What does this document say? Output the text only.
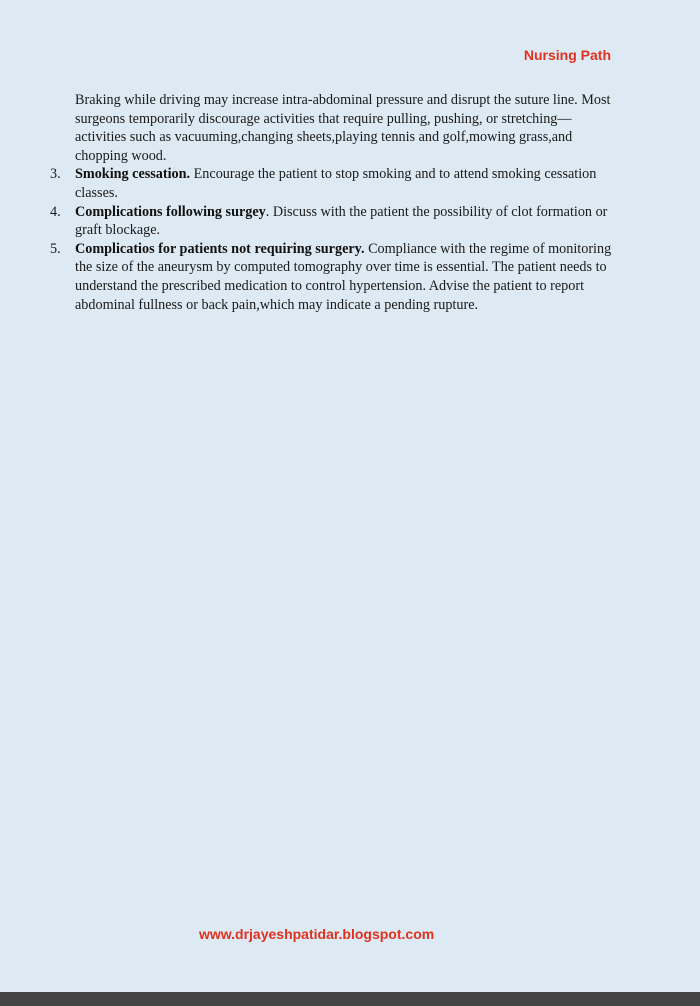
Nursing Path

Braking while driving may increase intra-abdominal pressure and disrupt the suture line. Most surgeons temporarily discourage activities that require pulling, pushing, or stretching—activities such as vacuuming,changing sheets,playing tennis and golf,mowing grass,and chopping wood.

3.	Smoking cessation. Encourage the patient to stop smoking and to attend smoking cessation classes.
4.	Complications following surgey. Discuss with the patient the possibility of clot formation or graft blockage.
5.	Complicatios for patients not requiring surgery. Compliance with the regime of monitoring the size of the aneurysm by computed tomography over time is essential. The patient needs to understand the prescribed medication to control hypertension. Advise the patient to report abdominal fullness or back pain,which may indicate a pending rupture.
www.drjayeshpatidar.blogspot.com
